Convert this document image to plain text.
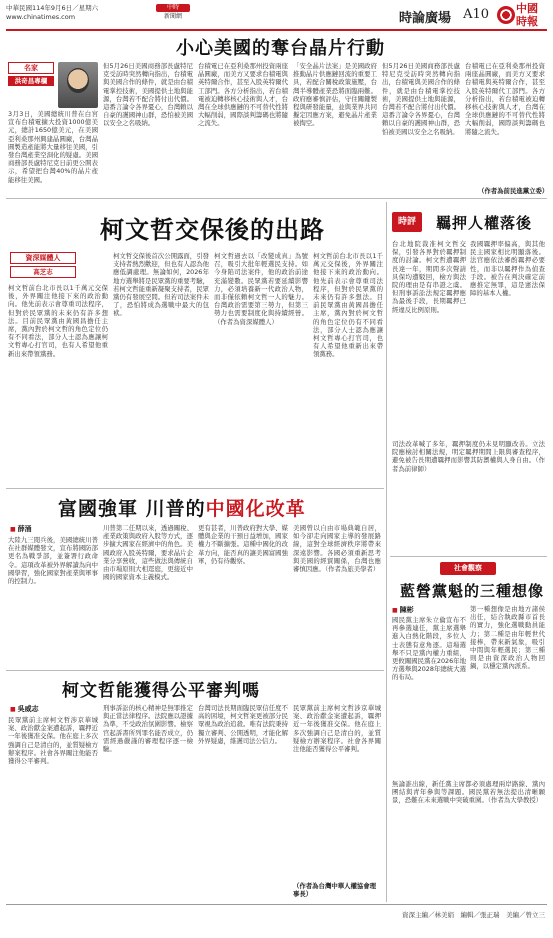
中華民國114年9月6日／星期六
www.chinatimes.com
中時
新聞網	時論廣場 A10 中國時報
小心美國的奪台晶片行動
名家
洪奇昌專欄

3月3日，美國總統川普在白宮宣布台積電擴大投資1000億美元，總計1650億美元，在美國亞利桑那州興建晶圓廠，台灣晶圓製造產能將大量移往美國，引發台灣產業空洞化的疑慮。美國商務部長盧特尼克日前更公開表示，希望把台灣40%的晶片產能移往美國。

但5月26日美國商務部長盧特尼克受訪時突然轉向指出，台積電與美國合作的條件，就是由台積電掌控技術，美國提供土地與能源，台灣若不配合將付出代價。這番言論令各界憂心，台灣賴以自豪的護國神山群，恐怕被美國以安全之名吸納。

台積電已在亞利桑那州投資兩座晶圓廠，而美方又要求台積電與英特爾合作，甚至入股英特爾代工部門。各方分析指出，若台積電被迫轉移核心技術與人才，台灣在全球供應鏈的不可替代性將大幅削弱，國際談判籌碼也將隨之流失。

「安全晶片法案」是美國政府推動晶片供應鏈回流的重要工具，若配合關稅政策施壓，台灣半導體產業恐將面臨兩難。政府應審慎評估，守住關鍵製程與研發能量，並與業界共同擬定因應方案，避免晶片產業被掏空。

但5月26日美國商務部長盧特尼克受訪時突然轉向指出，台積電與美國合作的條件，就是由台積電掌控技術，美國提供土地與能源，台灣若不配合將付出代價。這番言論令各界憂心，台灣賴以自豪的護國神山群，恐怕被美國以安全之名吸納。

台積電已在亞利桑那州投資兩座晶圓廠，而美方又要求台積電與英特爾合作，甚至入股英特爾代工部門。各方分析指出，若台積電被迫轉移核心技術與人才，台灣在全球供應鏈的不可替代性將大幅削弱，國際談判籌碼也將隨之流失。

（作者為前民進黨立委）
柯文哲交保後的出路
資深媒體人
高芝志

柯文哲前台北市長以1千萬元交保後，外界關注他接下來的政治動向。他先前表示會尊重司法程序，但對於民眾黨的未來仍有許多想法。目前民眾黨由黃國昌擔任主席，黨內對於柯文哲的角色定位仍有不同看法，部分人士認為應讓柯文哲專心打官司，也有人希望他重新出來帶領黨務。

柯文哲交保後首次公開露面，引發支持者熱烈歡迎，但也有人認為他應低調處理。無論如何，2026年地方選舉將是民眾黨的重要考驗，若柯文哲能重新凝聚支持者，民眾黨仍有發展空間。但若司法案件未了，恐怕將成為選戰中最大的包袱。

柯文哲過去以「改變成真」為號召，吸引大批年輕選民支持。如今身陷司法案件，他的政治前途充滿變數。民眾黨若要延續影響力，必須培養新一代政治人物，而非僅依賴柯文哲一人的魅力。台灣政治需要第三勢力，但第三勢力也需要制度化與持續經營。（作者為資深媒體人）

柯文哲前台北市長以1千萬元交保後，外界關注他接下來的政治動向。他先前表示會尊重司法程序，但對於民眾黨的未來仍有許多想法。目前民眾黨由黃國昌擔任主席，黨內對於柯文哲的角色定位仍有不同看法，部分人士認為應讓柯文哲專心打官司，也有人希望他重新出來帶領黨務。

時評	羈押人權落後

台北地院裁准柯文哲交保，引發各界對於羈押制度的討論。柯文哲遭羈押長達一年，期間多次聲請具保均遭駁回，檢方與法院的理由是有串證之虞。但刑事訴訟法規定羈押應為最後手段，長期羈押已經違反比例原則。

我國羈押率偏高，與其他民主國家相比明顯落後。法官應依法審酌羈押必要性，而非以羈押作為偵查手段。被告在判決確定前應推定無罪，這是憲法保障的基本人權。

司法改革喊了多年，羈押制度仍未見明顯改善。立法院應檢討相關法規，明定羈押期間上限與審查程序，避免被告長期遭羈押而影響其防禦權與人身自由。（作者為前律師）

富國強軍 川普的中國化改革
■ 薛涌

大陸九三閱兵後，美國總統川普在社群媒體發文，宣布將國防部更名為戰爭部，並簽署行政命令。這項改革被外界解讀為向中國學習，強化國家對產業與軍事的控制力。

川普第二任期以來，透過關稅、產業政策與政府入股等方式，逐步擴大國家在經濟中的角色。美國政府入股英特爾，要求晶片企業分享營收，這些做法與傳統自由市場原則大相逕庭，更接近中國的國家資本主義模式。

更有甚者，川普政府對大學、媒體與企業的干預日益增加，國家權力不斷擴張。這種中國化的改革方向，能否真的讓美國富國強軍，仍有待觀察。

美國曾以自由市場典範自居，如今卻走向國家主導的發展路線，這對全球經濟秩序將帶來深遠影響。各國必須重新思考與美國的經貿關係，台灣也應審慎因應。（作者為旅美學者）	社會觀察
藍營黨魁的三種想像
■ 陳彬

國民黨主席朱立倫宣布不再參選連任，黨主席選舉進入白熱化階段，多位人士表態有意角逐。這場選舉不只是黨內權力重組，更攸關國民黨在2026年地方選舉與2028年總統大選的布局。

第一種想像是由地方諸侯出任，結合執政縣市首長的實力，強化選戰動員能力；第二種是由年輕世代接棒，帶來新氣象，吸引中間與年輕選民；第三種則是由資深政治人物回鍋，以穩定黨內派系。

無論誰出線，新任黨主席都必須處理兩岸路線、黨內團結與青年參與等課題。國民黨若無法提出清晰願景，恐難在未來選戰中突破重圍。（作者為大學教授）

柯文哲能獲得公平審判嗎
■ 吳威志

民眾黨前主席柯文哲涉京華城案、政治獻金案遭起訴，羈押近一年後獲准交保。他在庭上多次強調自己是清白的，並質疑檢方辦案程序。社會各界關注他能否獲得公平審判。

刑事訴訟的核心精神是無罪推定與正當法律程序。法院應以證據為準，不受政治氛圍影響。檢察官起訴書所列罪名能否成立，仍需經過嚴謹的審理程序逐一檢驗。

台灣司法長期面臨民眾信任度不高的困境，柯文哲案更被部分民眾視為政治追殺。唯有法院秉持獨立審判、公開透明，才能化解外界疑慮，維護司法公信力。

民眾黨前主席柯文哲涉京華城案、政治獻金案遭起訴，羈押近一年後獲准交保。他在庭上多次強調自己是清白的，並質疑檢方辦案程序。社會各界關注他能否獲得公平審判。

（作者為台灣中華人權協會理事長）
資深主編／林美娟　編輯／張正瑞　美編／曾立三
